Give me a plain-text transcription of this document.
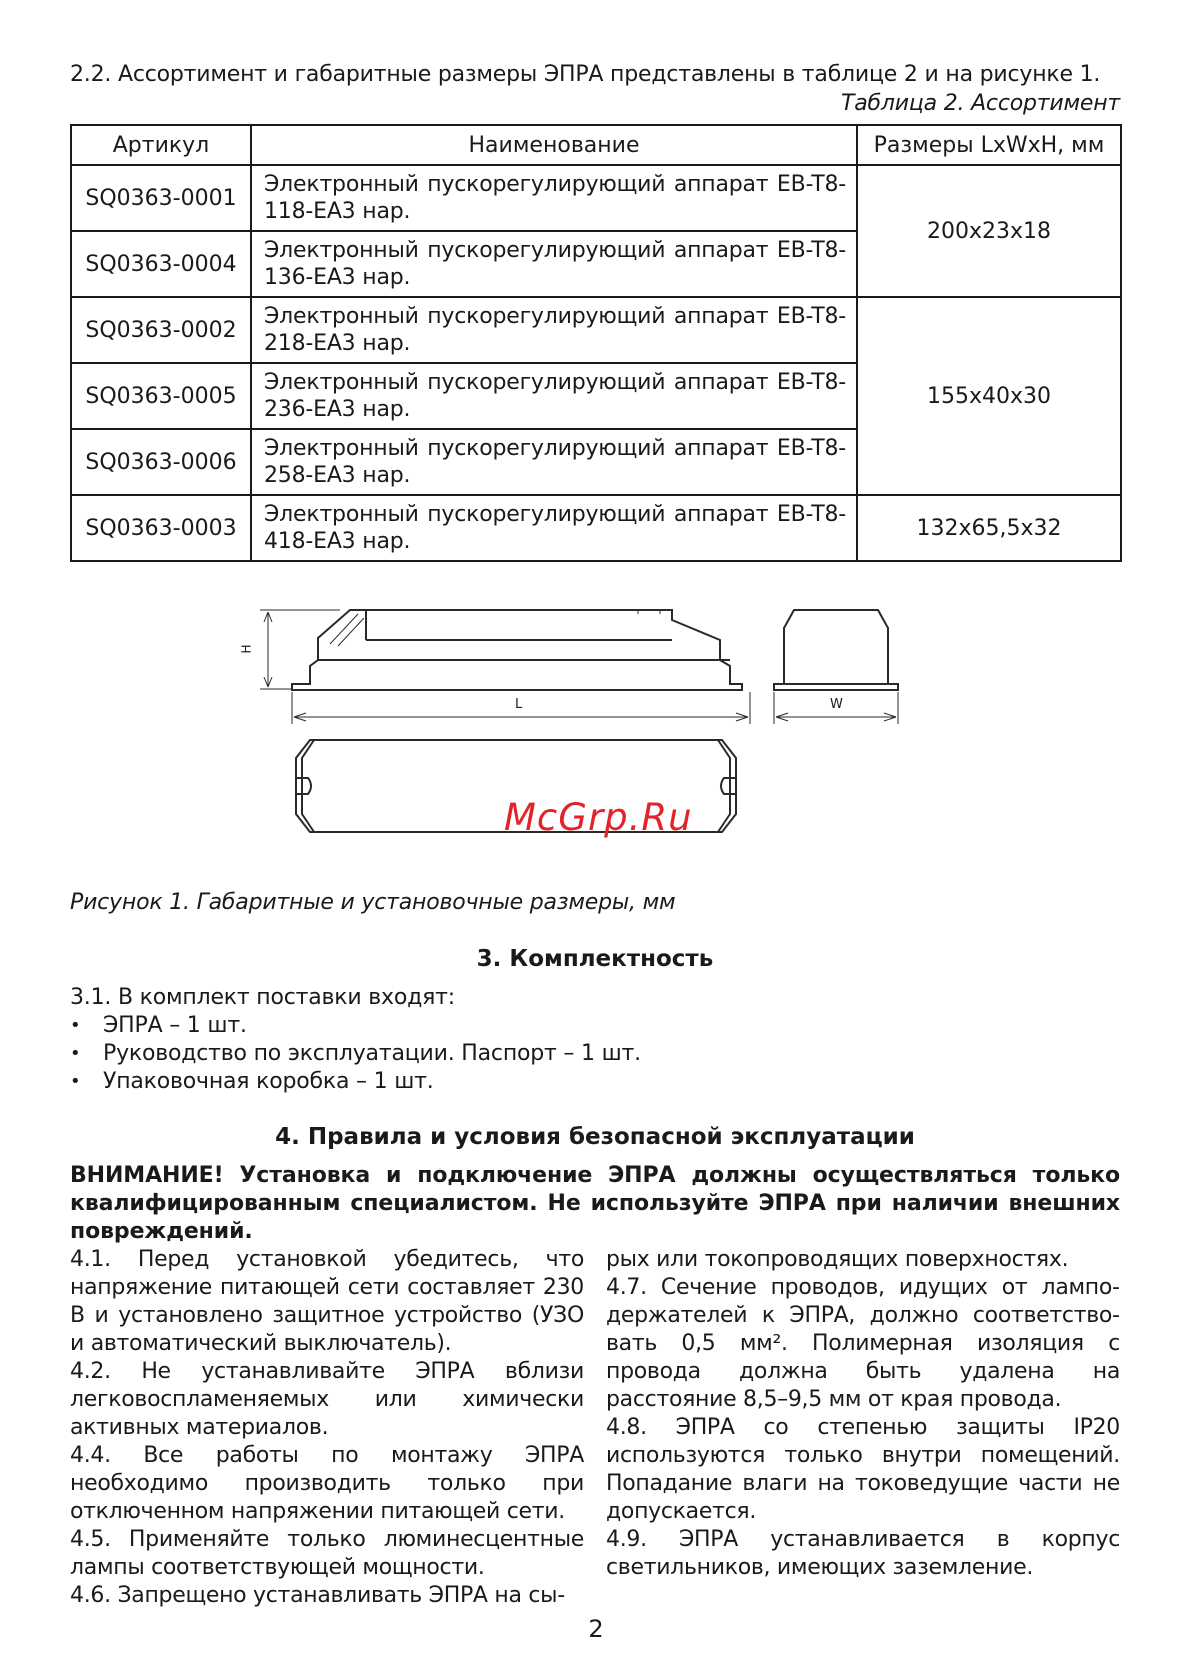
2.2. Ассортимент и габаритные размеры ЭПРА представлены в таблице 2 и на рисунке 1.

Таблица 2. Ассортимент

Артикул	Наименование	Размеры LxWxH, мм
SQ0363-0001	Электронный пускорегулирующий аппарат EB-T8-118-EA3 нар.	200x23x18
SQ0363-0004	Электронный пускорегулирующий аппарат EB-T8-136-EA3 нар.	
SQ0363-0002	Электронный пускорегулирующий аппарат EB-T8-218-EA3 нар.	155x40x30
SQ0363-0005	Электронный пускорегулирующий аппарат EB-T8-236-EA3 нар.	
SQ0363-0006	Электронный пускорегулирующий аппарат EB-T8-258-EA3 нар.	
SQ0363-0003	Электронный пускорегулирующий аппарат EB-T8-418-EA3 нар.	132x65,5x32
H
L	W
McGrp.Ru

Рисунок 1. Габаритные и установочные размеры, мм

3. Комплектность

3.1. В комплект поставки входят:

• ЭПРА – 1 шт.
• Руководство по эксплуатации. Паспорт – 1 шт.
• Упаковочная коробка – 1 шт.
4. Правила и условия безопасной эксплуатации

ВНИМАНИЕ! Установка и подключение ЭПРА должны осуществляться только квалифицированным специалистом. Не используйте ЭПРА при наличии внешних повреждений.

4.1. Перед установкой убедитесь, что напряжение питающей сети составляет 230 В и установлено защитное устройство (УЗО и автоматический выключатель).

4.2. Не устанавливайте ЭПРА вблизи легковоспламеняемых или химически активных материалов.

4.4. Все работы по монтажу ЭПРА необходимо производить только при отключенном напряжении питающей сети.

4.5. Применяйте только люминесцентные лампы соответствующей мощности.

4.6. Запрещено устанавливать ЭПРА на сы-

рых или токопроводящих поверхностях.

4.7. Сечение проводов, идущих от ламподержателей к ЭПРА, должно соответствовать 0,5 мм². Полимерная изоляция с провода должна быть удалена на расстояние 8,5–9,5 мм от края провода.

4.8. ЭПРА со степенью защиты IP20 используются только внутри помещений. Попадание влаги на токоведущие части не допускается.

4.9. ЭПРА устанавливается в корпус светильников, имеющих заземление.

2
